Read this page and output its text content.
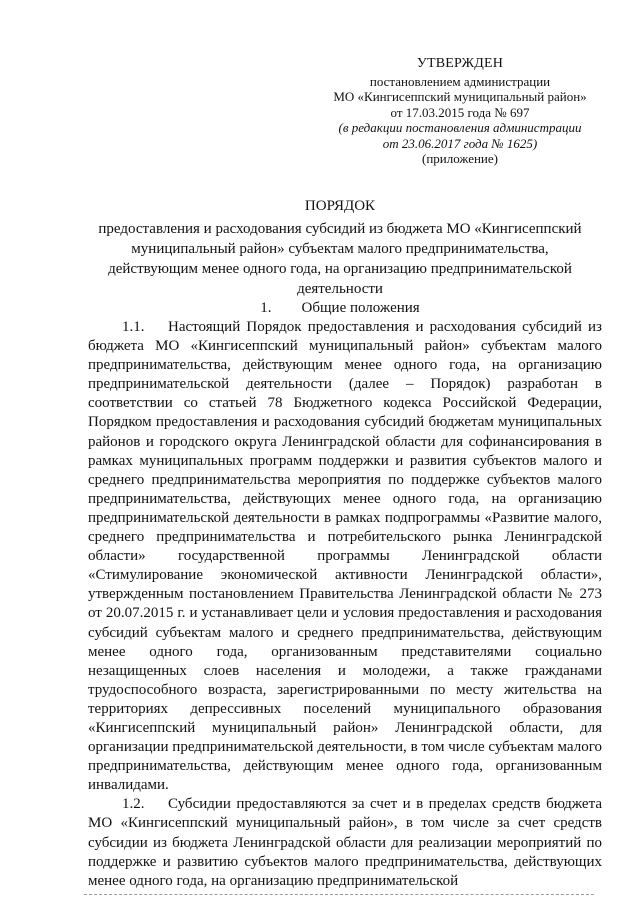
УТВЕРЖДЕН
постановлением администрации
МО «Кингисеппский муниципальный район»
от 17.03.2015 года № 697
(в редакции постановления администрации
от 23.06.2017 года № 1625)
(приложение)
ПОРЯДОК
предоставления и расходования субсидий из бюджета МО «Кингисеппский муниципальный район» субъектам малого предпринимательства, действующим менее одного года, на организацию предпринимательской деятельности
1. Общие положения

1.1. Настоящий Порядок предоставления и расходования субсидий из бюджета МО «Кингисеппский муниципальный район» субъектам малого предпринимательства, действующим менее одного года, на организацию предпринимательской деятельности (далее – Порядок) разработан в соответствии со статьей 78 Бюджетного кодекса Российской Федерации, Порядком предоставления и расходования субсидий бюджетам муниципальных районов и городского округа Ленинградской области для софинансирования в рамках муниципальных программ поддержки и развития субъектов малого и среднего предпринимательства мероприятия по поддержке субъектов малого предпринимательства, действующих менее одного года, на организацию предпринимательской деятельности в рамках подпрограммы «Развитие малого, среднего предпринимательства и потребительского рынка Ленинградской области» государственной программы Ленинградской области «Стимулирование экономической активности Ленинградской области», утвержденным постановлением Правительства Ленинградской области № 273 от 20.07.2015 г. и устанавливает цели и условия предоставления и расходования субсидий субъектам малого и среднего предпринимательства, действующим менее одного года, организованным представителями социально незащищенных слоев населения и молодежи, а также гражданами трудоспособного возраста, зарегистрированными по месту жительства на территориях депрессивных поселений муниципального образования «Кингисеппский муниципальный район» Ленинградской области, для организации предпринимательской деятельности, в том числе субъектам малого предпринимательства, действующим менее одного года, организованным инвалидами.

1.2. Субсидии предоставляются за счет и в пределах средств бюджета МО «Кингисеппский муниципальный район», в том числе за счет средств субсидии из бюджета Ленинградской области для реализации мероприятий по поддержке и развитию субъектов малого предпринимательства, действующих менее одного года, на организацию предпринимательской
